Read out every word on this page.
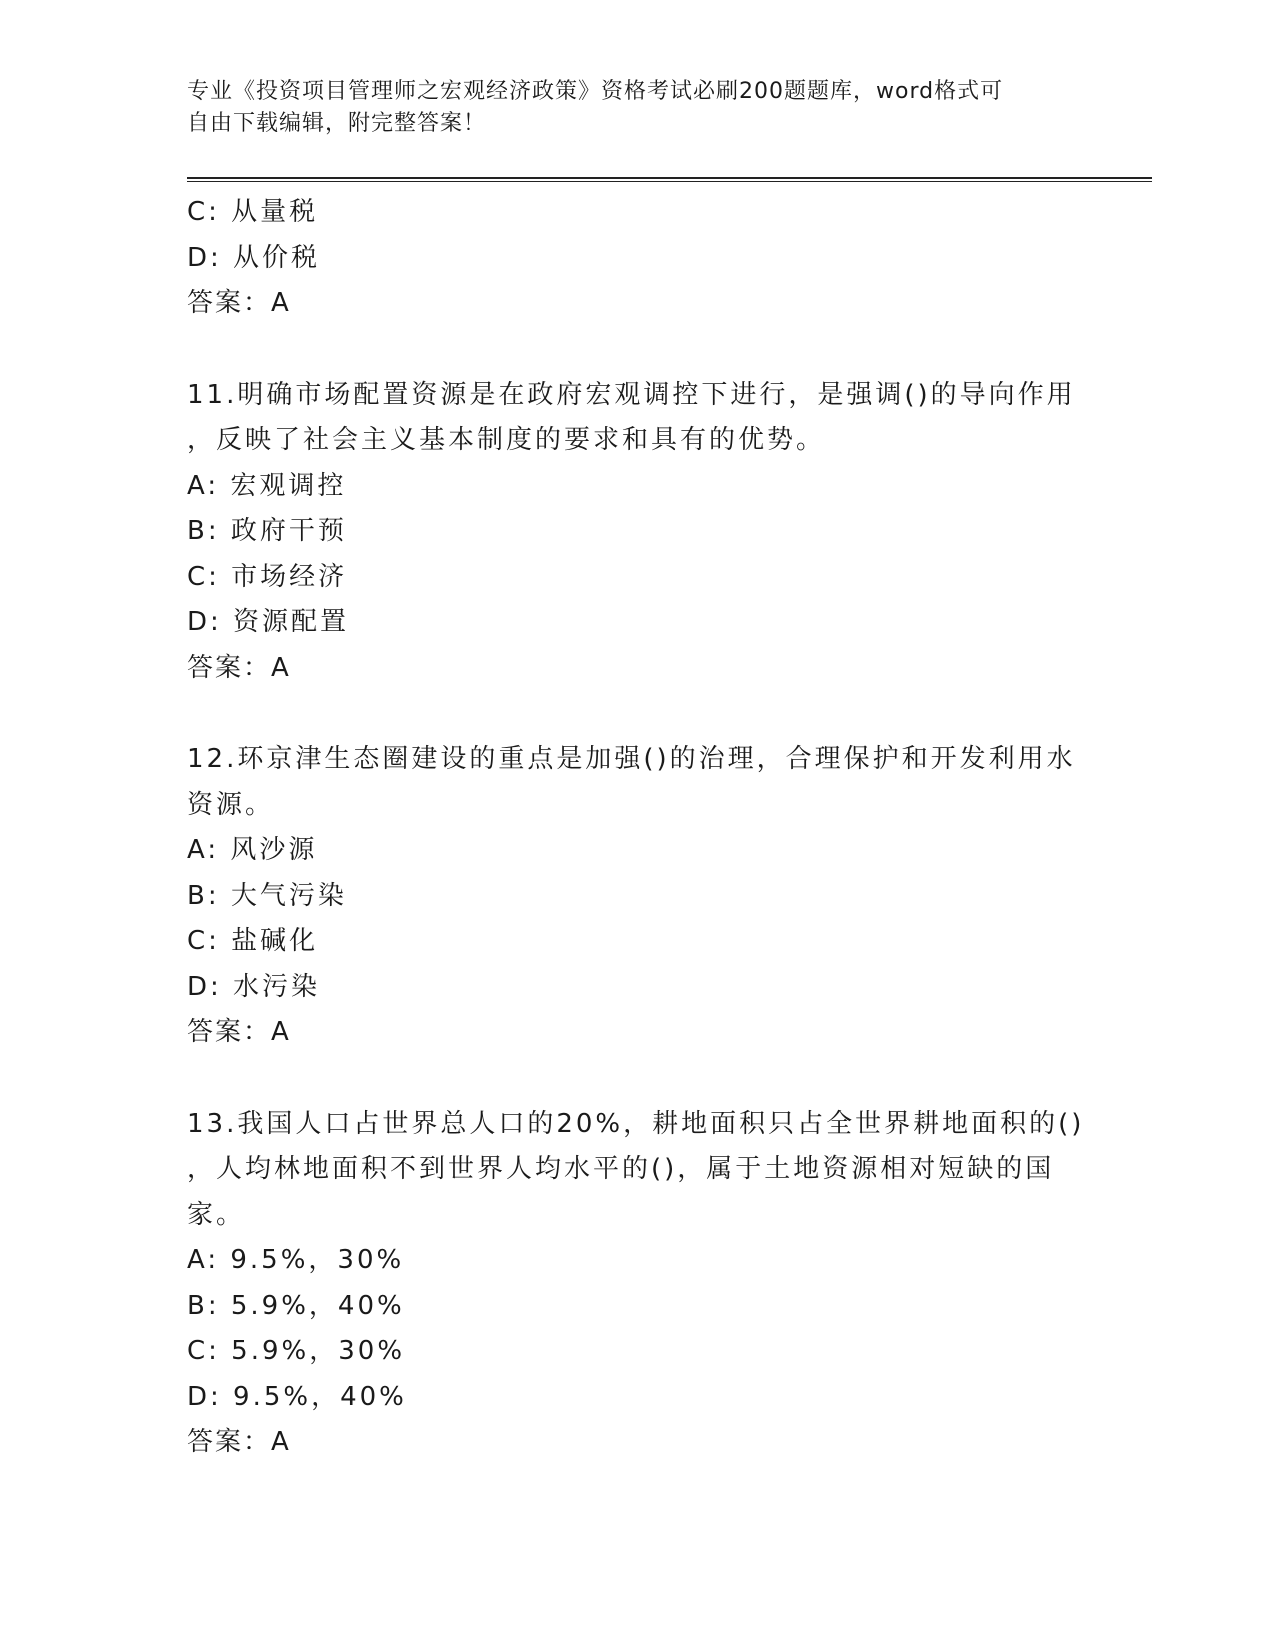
专业《投资项目管理师之宏观经济政策》资格考试必刷200题题库，word格式可
自由下载编辑，附完整答案！
C: 从量税
D: 从价税
答案：A
11.明确市场配置资源是在政府宏观调控下进行，是强调()的导向作用
，反映了社会主义基本制度的要求和具有的优势。
A: 宏观调控
B: 政府干预
C: 市场经济
D: 资源配置
答案：A
12.环京津生态圈建设的重点是加强()的治理，合理保护和开发利用水
资源。
A: 风沙源
B: 大气污染
C: 盐碱化
D: 水污染
答案：A
13.我国人口占世界总人口的20%，耕地面积只占全世界耕地面积的()
，人均林地面积不到世界人均水平的()，属于土地资源相对短缺的国
家。
A: 9.5%，30%
B: 5.9%，40%
C: 5.9%，30%
D: 9.5%，40%
答案：A
